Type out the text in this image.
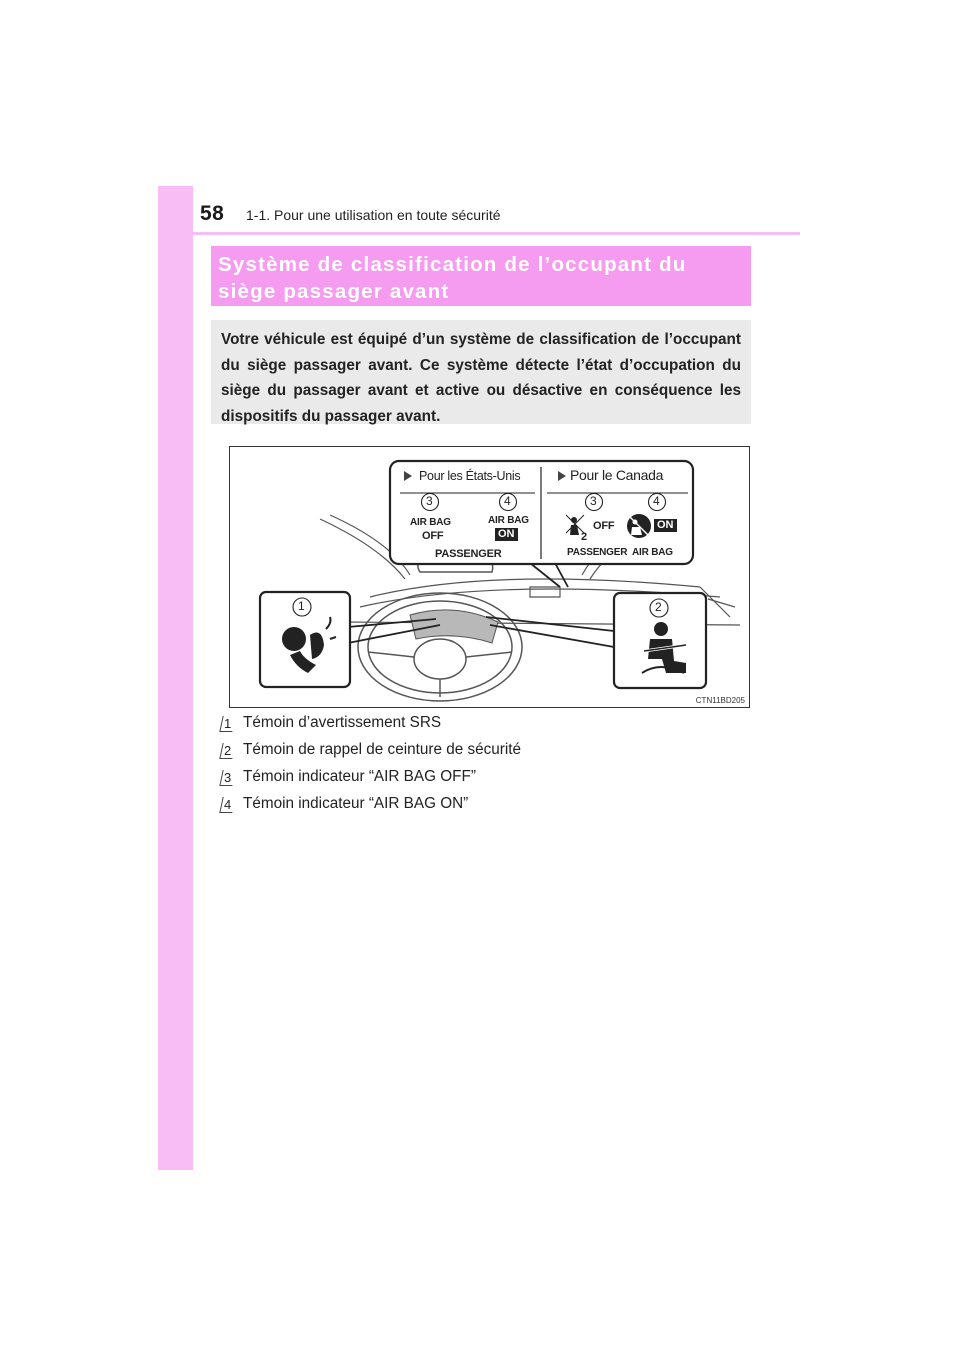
58 1-1. Pour une utilisation en toute sécurité
Système de classification de l’occupant du
siège passager avant
Votre véhicule est équipé d’un système de classification de l’occupant du siège passager avant. Ce système détecte l’état d’occupation du siège du passager avant et active ou désactive en conséquence les dispositifs du passager avant.
Pour les États-Unis	Pour le Canada
3	4	3	4
1	2
AIR BAG
OFF
AIR BAG
ON
PASSENGER
2
OFF	ON
PASSENGER  AIR BAG
CTN11BD205
1 Témoin d’avertissement SRS
2 Témoin de rappel de ceinture de sécurité
3 Témoin indicateur “AIR BAG OFF”
4 Témoin indicateur “AIR BAG ON”
